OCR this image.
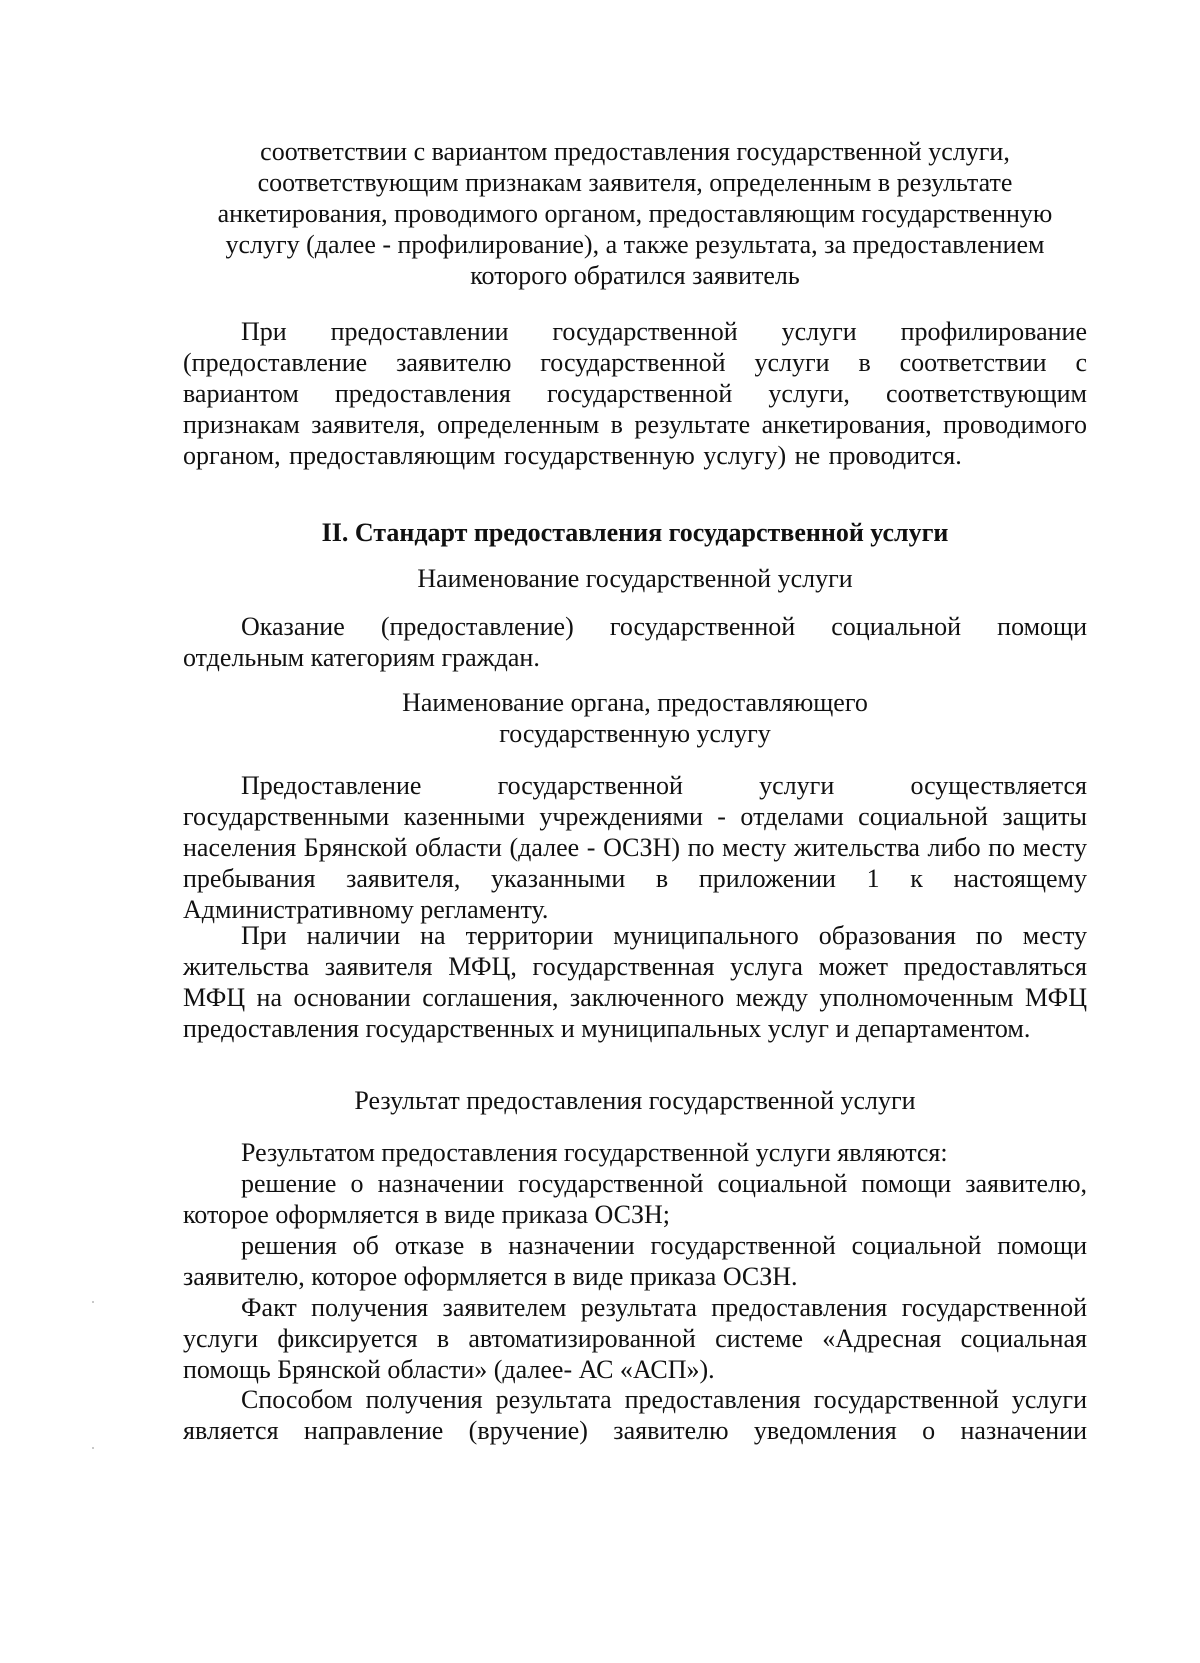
соответствии с вариантом предоставления государственной услуги,
соответствующим признакам заявителя, определенным в результате
анкетирования, проводимого органом, предоставляющим государственную
услугу (далее - профилирование), а также результата, за предоставлением
которого обратился заявитель

При предоставлении государственной услуги профилирование (предоставление заявителю государственной услуги в соответствии с вариантом предоставления государственной услуги, соответствующим признакам заявителя, определенным в результате анкетирования, проводимого органом, предоставляющим государственную услугу) не проводится.

II. Стандарт предоставления государственной услуги
Наименование государственной услуги

Оказание (предоставление) государственной социальной помощи отдельным категориям граждан.

Наименование органа, предоставляющего
государственную услугу

Предоставление государственной услуги осуществляется государственными казенными учреждениями - отделами социальной защиты населения Брянской области (далее - ОСЗН) по месту жительства либо по месту пребывания заявителя, указанными в приложении 1 к настоящему Административному регламенту.

При наличии на территории муниципального образования по месту жительства заявителя МФЦ, государственная услуга может предоставляться МФЦ на основании соглашения, заключенного между уполномоченным МФЦ предоставления государственных и муниципальных услуг и департаментом.

Результат предоставления государственной услуги

Результатом предоставления государственной услуги являются:

решение о назначении государственной социальной помощи заявителю, которое оформляется в виде приказа ОСЗН;

решения об отказе в назначении государственной социальной помощи заявителю, которое оформляется в виде приказа ОСЗН.

Факт получения заявителем результата предоставления государственной услуги фиксируется в автоматизированной системе «Адресная социальная помощь Брянской области» (далее- АС «АСП»).

Способом получения результата предоставления государственной услуги является направление (вручение) заявителю уведомления о назначении
